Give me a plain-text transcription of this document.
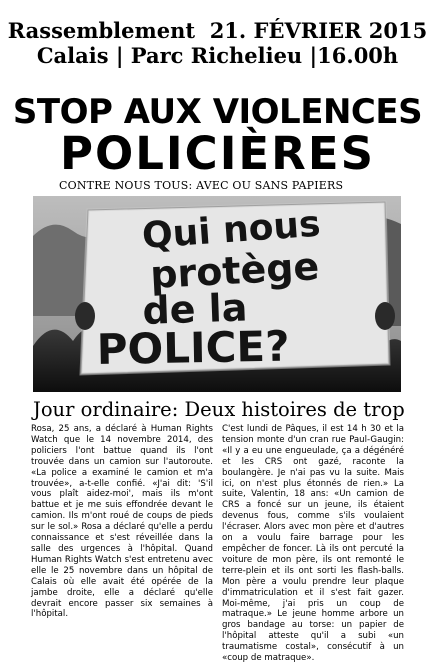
Rassemblement  21. FÉVRIER 2015
Calais | Parc Richelieu |16.00h
STOP AUX VIOLENCES
POLICIÈRES
CONTRE NOUS TOUS: AVEC OU SANS PAPIERS
Qui nous
protège
de la
POLICE?
Jour ordinaire: Deux histoires de trop
Rosa, 25 ans, a déclaré à Human Rights Watch que le 14 novembre 2014, des policiers l'ont battue quand ils l'ont trouvée dans un camion sur l'autoroute. «La police a examiné le camion et m'a trouvée», a-t-elle confié. «J'ai dit: 'S'il vous plaît aidez-moi', mais ils m'ont battue et je me suis effondrée devant le camion. Ils m'ont roué de coups de pieds sur le sol.» Rosa a déclaré qu'elle a perdu connaissance et s'est réveillée dans la salle des urgences à l'hôpital. Quand Human Rights Watch s'est entretenu avec elle le 25 novembre dans un hôpital de Calais où elle avait été opérée de la jambe droite, elle a déclaré qu'elle devrait encore passer six semaines à l'hôpital.
C'est lundi de Pâques, il est 14 h 30 et la tension monte d'un cran rue Paul-Gaugin: «Il y a eu une engueulade, ça a dégénéré et les CRS ont gazé, raconte la boulangère. Je n'ai pas vu la suite. Mais ici, on n'est plus étonnés de rien.» La suite, Valentin, 18 ans: «Un camion de CRS a foncé sur un jeune, ils étaient devenus fous, comme s'ils voulaient l'écraser. Alors avec mon père et d'autres on a voulu faire barrage pour les empêcher de foncer. Là ils ont percuté la voiture de mon père, ils ont remonté le terre-plein et ils ont sorti les flash-balls. Mon père a voulu prendre leur plaque d'immatriculation et il s'est fait gazer. Moi-même, j'ai pris un coup de matraque.» Le jeune homme arbore un gros bandage au torse: un papier de l'hôpital atteste qu'il a subi «un traumatisme costal», consécutif à un «coup de matraque».
